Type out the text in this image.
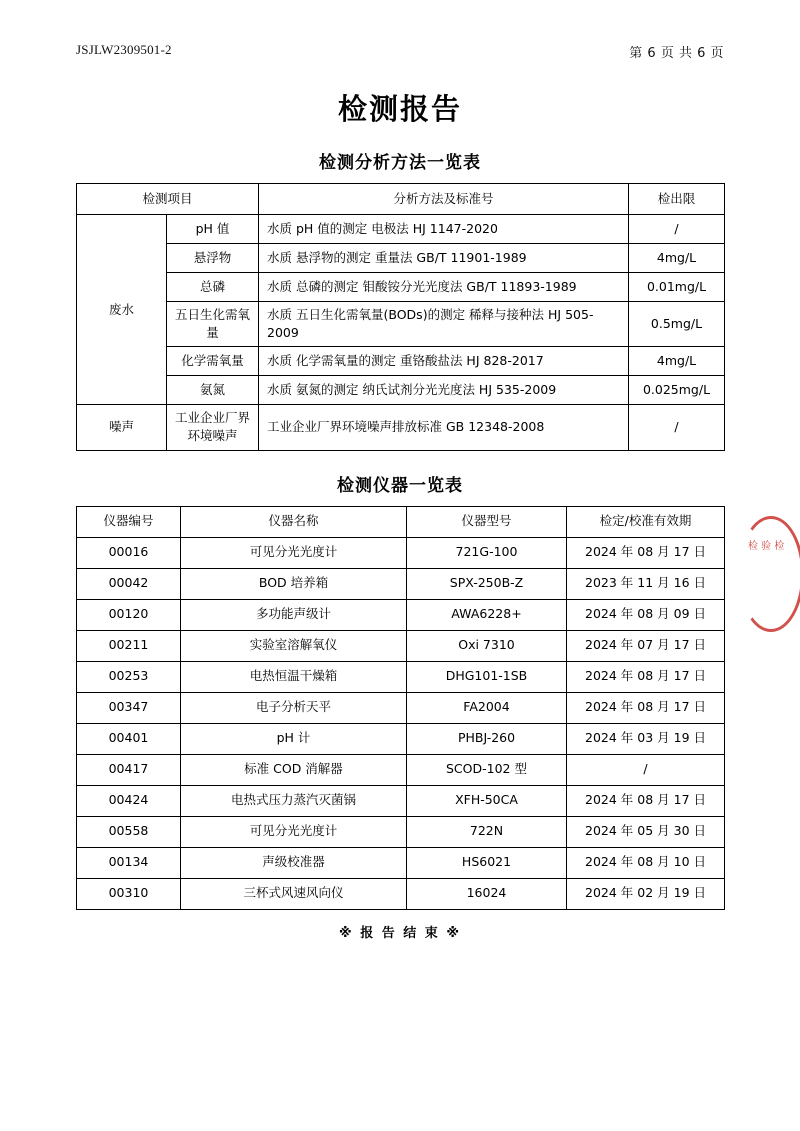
JSJLW2309501-2	第 6 页 共 6 页
检测报告
检测分析方法一览表
检测项目		分析方法及标准号	检出限
废水	pH 值	水质 pH 值的测定 电极法 HJ 1147-2020	/
	悬浮物	水质 悬浮物的测定 重量法 GB/T 11901-1989	4mg/L
	总磷	水质 总磷的测定 钼酸铵分光光度法 GB/T 11893-1989	0.01mg/L
	五日生化需氧量	水质 五日生化需氧量(BODs)的测定 稀释与接种法 HJ 505-2009	0.5mg/L
	化学需氧量	水质 化学需氧量的测定 重铬酸盐法 HJ 828-2017	4mg/L
	氨氮	水质 氨氮的测定 纳氏试剂分光光度法 HJ 535-2009	0.025mg/L
噪声	工业企业厂界环境噪声	工业企业厂界环境噪声排放标准 GB 12348-2008	/
检测仪器一览表
仪器编号	仪器名称	仪器型号	检定/校准有效期
00016	可见分光光度计	721G-100	2024 年 08 月 17 日
00042	BOD 培养箱	SPX-250B-Z	2023 年 11 月 16 日
00120	多功能声级计	AWA6228+	2024 年 08 月 09 日
00211	实验室溶解氧仪	Oxi 7310	2024 年 07 月 17 日
00253	电热恒温干燥箱	DHG101-1SB	2024 年 08 月 17 日
00347	电子分析天平	FA2004	2024 年 08 月 17 日
00401	pH 计	PHBJ-260	2024 年 03 月 19 日
00417	标准 COD 消解器	SCOD-102 型	/
00424	电热式压力蒸汽灭菌锅	XFH-50CA	2024 年 08 月 17 日
00558	可见分光光度计	722N	2024 年 05 月 30 日
00134	声级校准器	HS6021	2024 年 08 月 10 日
00310	三杯式风速风向仪	16024	2024 年 02 月 19 日
※ 报 告 结 束 ※
检 验 检
